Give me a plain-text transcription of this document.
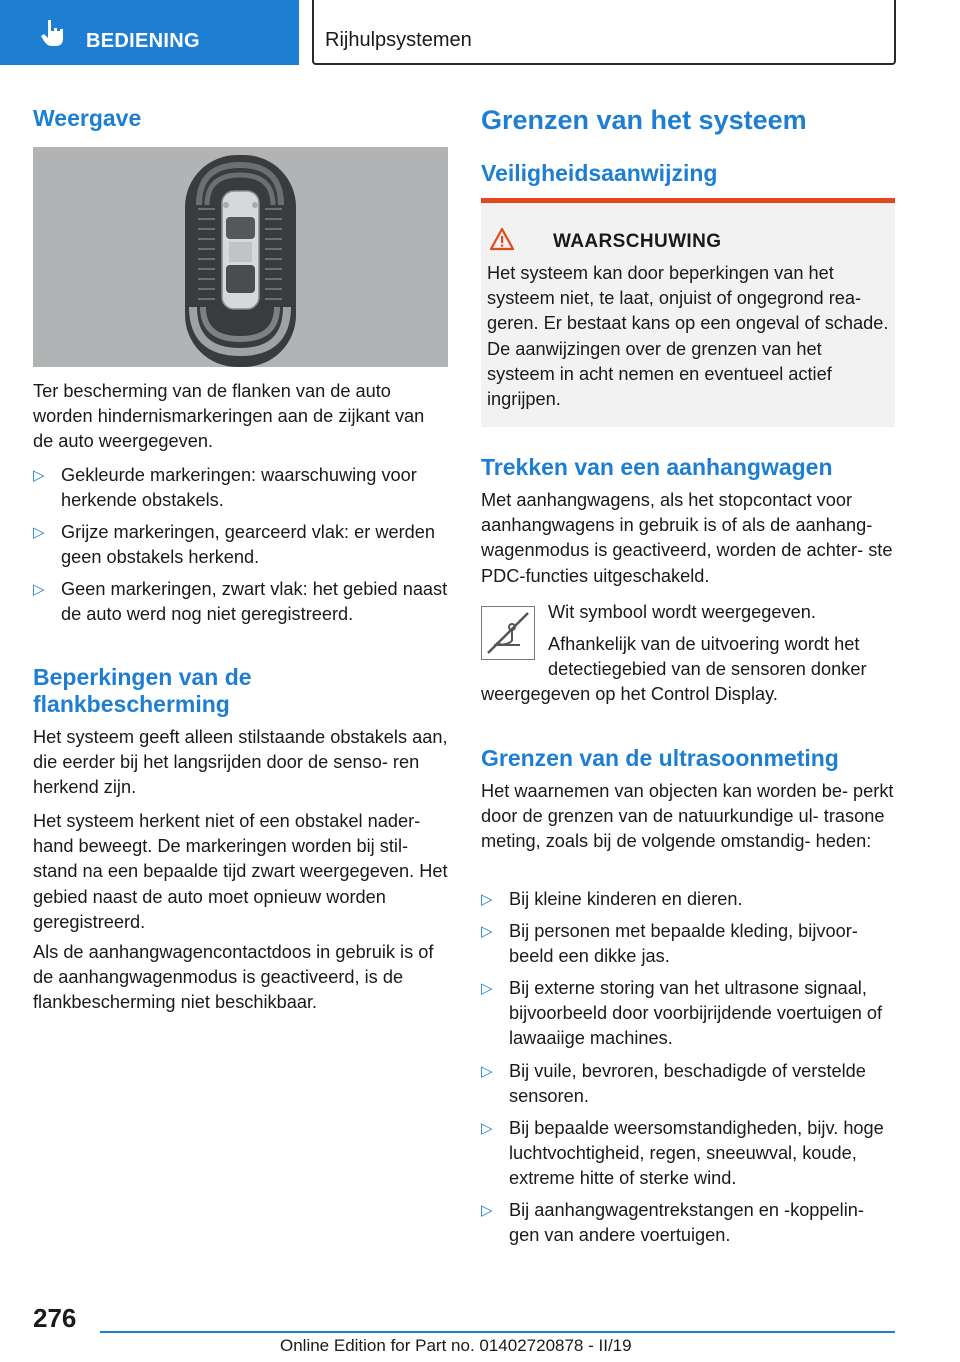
BEDIENING	Rijhulpsystemen
Weergave

Ter bescherming van de flanken van de auto worden hindernismarkeringen aan de zijkant van de auto weergegeven.

▷ Gekleurde markeringen: waarschuwing voor herkende obstakels.
▷ Grijze markeringen, gearceerd vlak: er werden geen obstakels herkend.
▷ Geen markeringen, zwart vlak: het gebied naast de auto werd nog niet geregistreerd.
Beperkingen van de
flankbescherming

Het systeem geeft alleen stilstaande obstakels aan, die eerder bij het langsrijden door de senso‐ ren herkend zijn.

Het systeem herkent niet of een obstakel nader‐ hand beweegt. De markeringen worden bij stil‐ stand na een bepaalde tijd zwart weergegeven. Het gebied naast de auto moet opnieuw worden geregistreerd.

Als de aanhangwagencontactdoos in gebruik is of de aanhangwagenmodus is geactiveerd, is de flankbescherming niet beschikbaar.

Grenzen van het systeem
Veiligheidsaanwijzing
WAARSCHUWING

Het systeem kan door beperkingen van het systeem niet, te laat, onjuist of ongegrond rea‐ geren. Er bestaat kans op een ongeval of schade. De aanwijzingen over de grenzen van het systeem in acht nemen en eventueel actief ingrijpen.

Trekken van een aanhangwagen

Met aanhangwagens, als het stopcontact voor aanhangwagens in gebruik is of als de aanhang‐ wagenmodus is geactiveerd, worden de achter‐ ste PDC-functies uitgeschakeld.

Wit symbool wordt weergegeven.

Afhankelijk van de uitvoering wordt het

detectiegebied van de sensoren donker

weergegeven op het Control Display.

Grenzen van de ultrasoonmeting

Het waarnemen van objecten kan worden be‐ perkt door de grenzen van de natuurkundige ul‐ trasone meting, zoals bij de volgende omstandig‐ heden:

▷ Bij kleine kinderen en dieren.
▷ Bij personen met bepaalde kleding, bijvoor‐ beeld een dikke jas.
▷ Bij externe storing van het ultrasone signaal, bijvoorbeeld door voorbijrijdende voertuigen of lawaaiige machines.
▷ Bij vuile, bevroren, beschadigde of verstelde sensoren.
▷ Bij bepaalde weersomstandigheden, bijv. hoge luchtvochtigheid, regen, sneeuwval, koude, extreme hitte of sterke wind.
▷ Bij aanhangwagentrekstangen en -koppelin‐ gen van andere voertuigen.
276
Online Edition for Part no. 01402720878 - II/19
